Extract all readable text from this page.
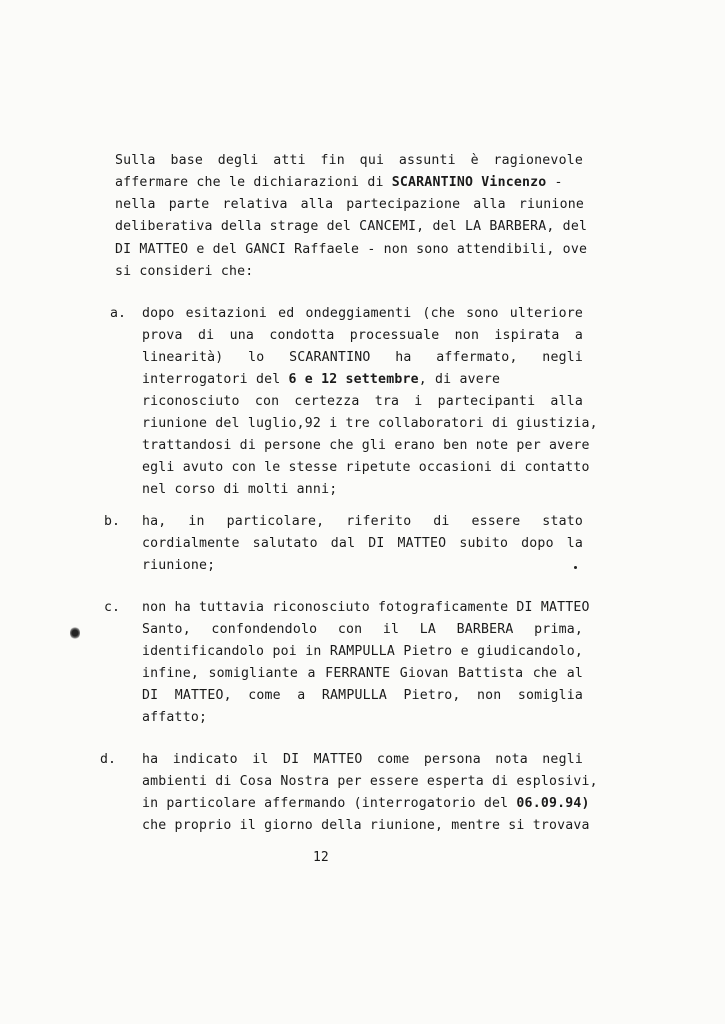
Sulla base degli atti fin qui assunti è ragionevole
affermare che le dichiarazioni di SCARANTINO Vincenzo -
nella parte relativa alla partecipazione alla riunione
deliberativa della strage del CANCEMI, del LA BARBERA, del
DI MATTEO e del GANCI Raffaele - non sono attendibili, ove
si consideri che:
a. dopo esitazioni ed ondeggiamenti (che sono ulteriore
prova di una condotta processuale non ispirata a
linearità) lo SCARANTINO ha affermato, negli
interrogatori del 6 e 12 settembre, di avere
riconosciuto con certezza tra i partecipanti alla
riunione del luglio,92 i tre collaboratori di giustizia,
trattandosi di persone che gli erano ben note per avere
egli avuto con le stesse ripetute occasioni di contatto
nel corso di molti anni;
b. ha, in particolare, riferito di essere stato
cordialmente salutato dal DI MATTEO subito dopo la
riunione;
c. non ha tuttavia riconosciuto fotograficamente DI MATTEO
Santo, confondendolo con il LA BARBERA prima,
identificandolo poi in RAMPULLA Pietro e giudicandolo,
infine, somigliante a FERRANTE Giovan Battista che al
DI MATTEO, come a RAMPULLA Pietro, non somiglia
affatto;
d. ha indicato il DI MATTEO come persona nota negli
ambienti di Cosa Nostra per essere esperta di esplosivi,
in particolare affermando (interrogatorio del 06.09.94)
che proprio il giorno della riunione, mentre si trovava
12
